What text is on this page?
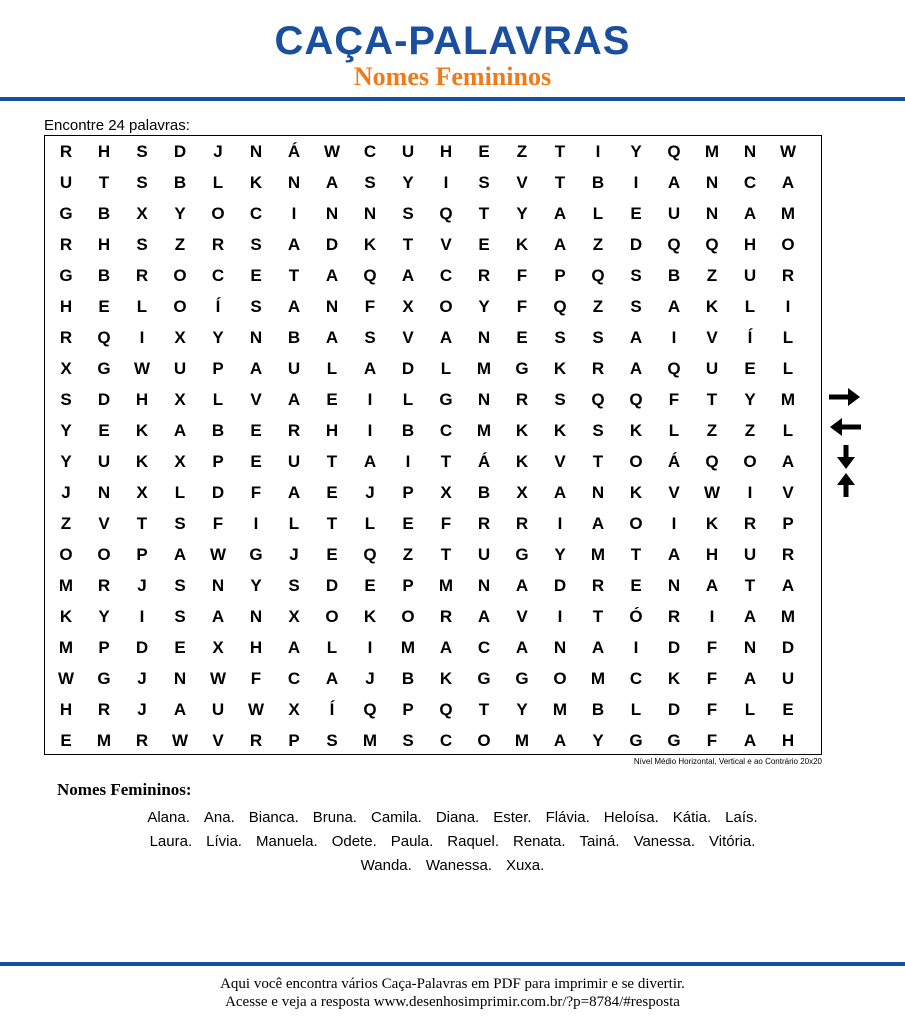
CAÇA-PALAVRAS
Nomes Femininos
Encontre 24 palavras:
R	H	S	D	J	N	Á	W	C	U	H	E	Z	T	I	Y	Q	M	N	W
U	T	S	B	L	K	N	A	S	Y	I	S	V	T	B	I	A	N	C	A
G	B	X	Y	O	C	I	N	N	S	Q	T	Y	A	L	E	U	N	A	M
R	H	S	Z	R	S	A	D	K	T	V	E	K	A	Z	D	Q	Q	H	O
G	B	R	O	C	E	T	A	Q	A	C	R	F	P	Q	S	B	Z	U	R
H	E	L	O	Í	S	A	N	F	X	O	Y	F	Q	Z	S	A	K	L	I
R	Q	I	X	Y	N	B	A	S	V	A	N	E	S	S	A	I	V	Í	L
X	G	W	U	P	A	U	L	A	D	L	M	G	K	R	A	Q	U	E	L
S	D	H	X	L	V	A	E	I	L	G	N	R	S	Q	Q	F	T	Y	M
Y	E	K	A	B	E	R	H	I	B	C	M	K	K	S	K	L	Z	Z	L
Y	U	K	X	P	E	U	T	A	I	T	Á	K	V	T	O	Á	Q	O	A
J	N	X	L	D	F	A	E	J	P	X	B	X	A	N	K	V	W	I	V
Z	V	T	S	F	I	L	T	L	E	F	R	R	I	A	O	I	K	R	P
O	O	P	A	W	G	J	E	Q	Z	T	U	G	Y	M	T	A	H	U	R
M	R	J	S	N	Y	S	D	E	P	M	N	A	D	R	E	N	A	T	A
K	Y	I	S	A	N	X	O	K	O	R	A	V	I	T	Ó	R	I	A	M
M	P	D	E	X	H	A	L	I	M	A	C	A	N	A	I	D	F	N	D
W	G	J	N	W	F	C	A	J	B	K	G	G	O	M	C	K	F	A	U
H	R	J	A	U	W	X	Í	Q	P	Q	T	Y	M	B	L	D	F	L	E
E	M	R	W	V	R	P	S	M	S	C	O	M	A	Y	G	G	F	A	H
Nível Médio Horizontal, Vertical e ao Contrário 20x20
Nomes Femininos:
Alana. Ana. Bianca. Bruna. Camila. Diana. Ester. Flávia. Heloísa. Kátia. Laís.
Laura. Lívia. Manuela. Odete. Paula. Raquel. Renata. Tainá. Vanessa. Vitória.
Wanda. Wanessa. Xuxa.
Aqui você encontra vários Caça-Palavras em PDF para imprimir e se divertir.
Acesse e veja a resposta www.desenhosimprimir.com.br/?p=8784/#resposta
